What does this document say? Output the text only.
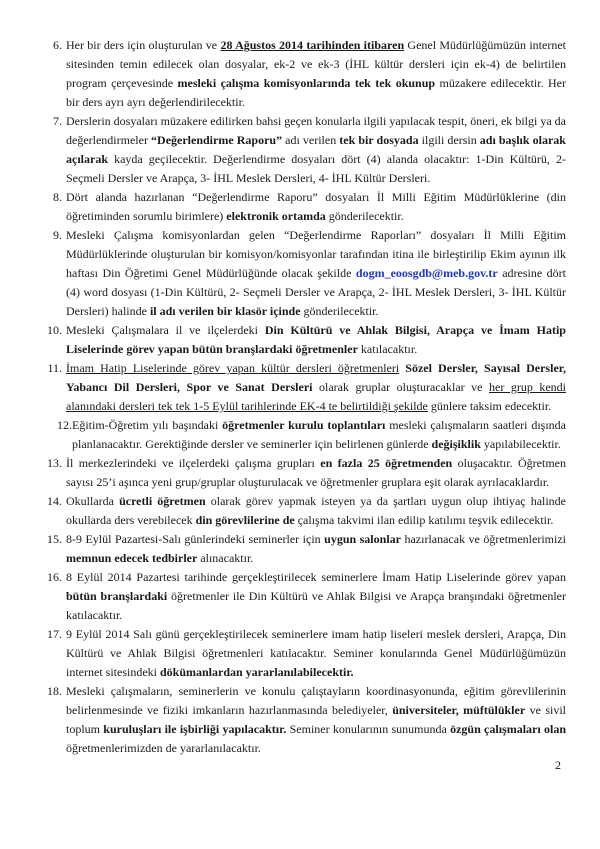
6. Her bir ders için oluşturulan ve 28 Ağustos 2014 tarihinden itibaren Genel Müdürlüğümüzün internet sitesinden temin edilecek olan dosyalar, ek-2 ve ek-3 (İHL kültür dersleri için ek-4) de belirtilen program çerçevesinde mesleki çalışma komisyonlarında tek tek okunup müzakere edilecektir. Her bir ders ayrı ayrı değerlendirilecektir.
7. Derslerin dosyaları müzakere edilirken bahsi geçen konularla ilgili yapılacak tespit, öneri, ek bilgi ya da değerlendirmeler “Değerlendirme Raporu” adı verilen tek bir dosyada ilgili dersin adı başlık olarak açılarak kayda geçilecektir. Değerlendirme dosyaları dört (4) alanda olacaktır: 1-Din Kültürü, 2- Seçmeli Dersler ve Arapça, 3- İHL Meslek Dersleri, 4- İHL Kültür Dersleri.
8. Dört alanda hazırlanan “Değerlendirme Raporu” dosyaları İl Milli Eğitim Müdürlüklerine (din öğretiminden sorumlu birimlere) elektronik ortamda gönderilecektir.
9. Mesleki Çalışma komisyonlardan gelen “Değerlendirme Raporları” dosyaları İl Milli Eğitim Müdürlüklerinde oluşturulan bir komisyon/komisyonlar tarafından itina ile birleştirilip Ekim ayının ilk haftası Din Öğretimi Genel Müdürlüğünde olacak şekilde dogm_eoosgdb@meb.gov.tr adresine dört (4) word dosyası (1-Din Kültürü, 2- Seçmeli Dersler ve Arapça, 2- İHL Meslek Dersleri, 3- İHL Kültür Dersleri) halinde il adı verilen bir klasör içinde gönderilecektir.
10. Mesleki Çalışmalara il ve ilçelerdeki Din Kültürü ve Ahlak Bilgisi, Arapça ve İmam Hatip Liselerinde görev yapan bütün branşlardaki öğretmenler katılacaktır.
11. İmam Hatip Liselerinde görev yapan kültür dersleri öğretmenleri Sözel Dersler, Sayısal Dersler, Yabancı Dil Dersleri, Spor ve Sanat Dersleri olarak gruplar oluşturacaklar ve her grup kendi alanındaki dersleri tek tek 1-5 Eylül tarihlerinde EK-4 te belirtildiği şekilde günlere taksim edecektir.
12.Eğitim-Öğretim yılı başındaki öğretmenler kurulu toplantıları mesleki çalışmaların saatleri dışında planlanacaktır. Gerektiğinde dersler ve seminerler için belirlenen günlerde değişiklik yapılabilecektir.
13. İl merkezlerindeki ve ilçelerdeki çalışma grupları en fazla 25 öğretmenden oluşacaktır. Öğretmen sayısı 25’i aşınca yeni grup/gruplar oluşturulacak ve öğretmenler gruplara eşit olarak ayrılacaklardır.
14. Okullarda ücretli öğretmen olarak görev yapmak isteyen ya da şartları uygun olup ihtiyaç halinde okullarda ders verebilecek din görevlilerine de çalışma takvimi ilan edilip katılımı teşvik edilecektir.
15. 8-9 Eylül Pazartesi-Salı günlerindeki seminerler için uygun salonlar hazırlanacak ve öğretmenlerimizi memnun edecek tedbirler alınacaktır.
16. 8 Eylül 2014 Pazartesi tarihinde gerçekleştirilecek seminerlere İmam Hatip Liselerinde görev yapan bütün branşlardaki öğretmenler ile Din Kültürü ve Ahlak Bilgisi ve Arapça branşındaki öğretmenler katılacaktır.
17. 9 Eylül 2014 Salı günü gerçekleştirilecek seminerlere imam hatip liseleri meslek dersleri, Arapça, Din Kültürü ve Ahlak Bilgisi öğretmenleri katılacaktır. Seminer konularında Genel Müdürlüğümüzün internet sitesindeki dökümanlardan yararlanılabilecektir.
18. Mesleki çalışmaların, seminerlerin ve konulu çalıştayların koordinasyonunda, eğitim görevlilerinin belirlenmesinde ve fiziki imkanların hazırlanmasında belediyeler, üniversiteler, müftülükler ve sivil toplum kuruluşları ile işbirliği yapılacaktır. Seminer konularının sunumunda özgün çalışmaları olan öğretmenlerimizden de yararlanılacaktır.
2
